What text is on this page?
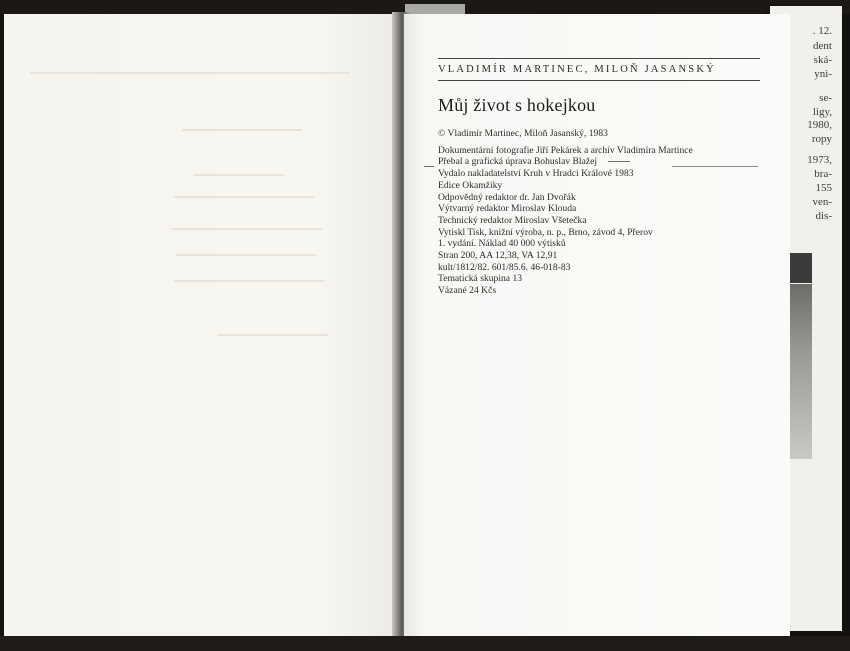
. 12.
dent
ská-
yni-
se-
ligy,
1980,
ropy
1973,
bra-
155
ven-
dis-
VLADIMÍR MARTINEC, MILOŇ JASANSKÝ
Můj život s hokejkou
© Vladimír Martinec, Miloň Jasanský, 1983
Dokumentární fotografie Jiří Pekárek a archív Vladimíra Martince
Přebal a grafická úprava Bohuslav Blažej
Vydalo nakladatelství Kruh v Hradci Králové 1983
Edice Okamžiky
Odpovědný redaktor dr. Jan Dvořák
Výtvarný redaktor Miroslav Klouda
Technický redaktor Miroslav Všetečka
Vytiskl Tisk, knižní výroba, n. p., Brno, závod 4, Přerov
1. vydání. Náklad 40 000 výtisků
Stran 200, AA 12,38, VA 12,91
kult/1812/82. 601/85.6. 46-018-83
Tematická skupina 13
Vázané 24 Kčs
